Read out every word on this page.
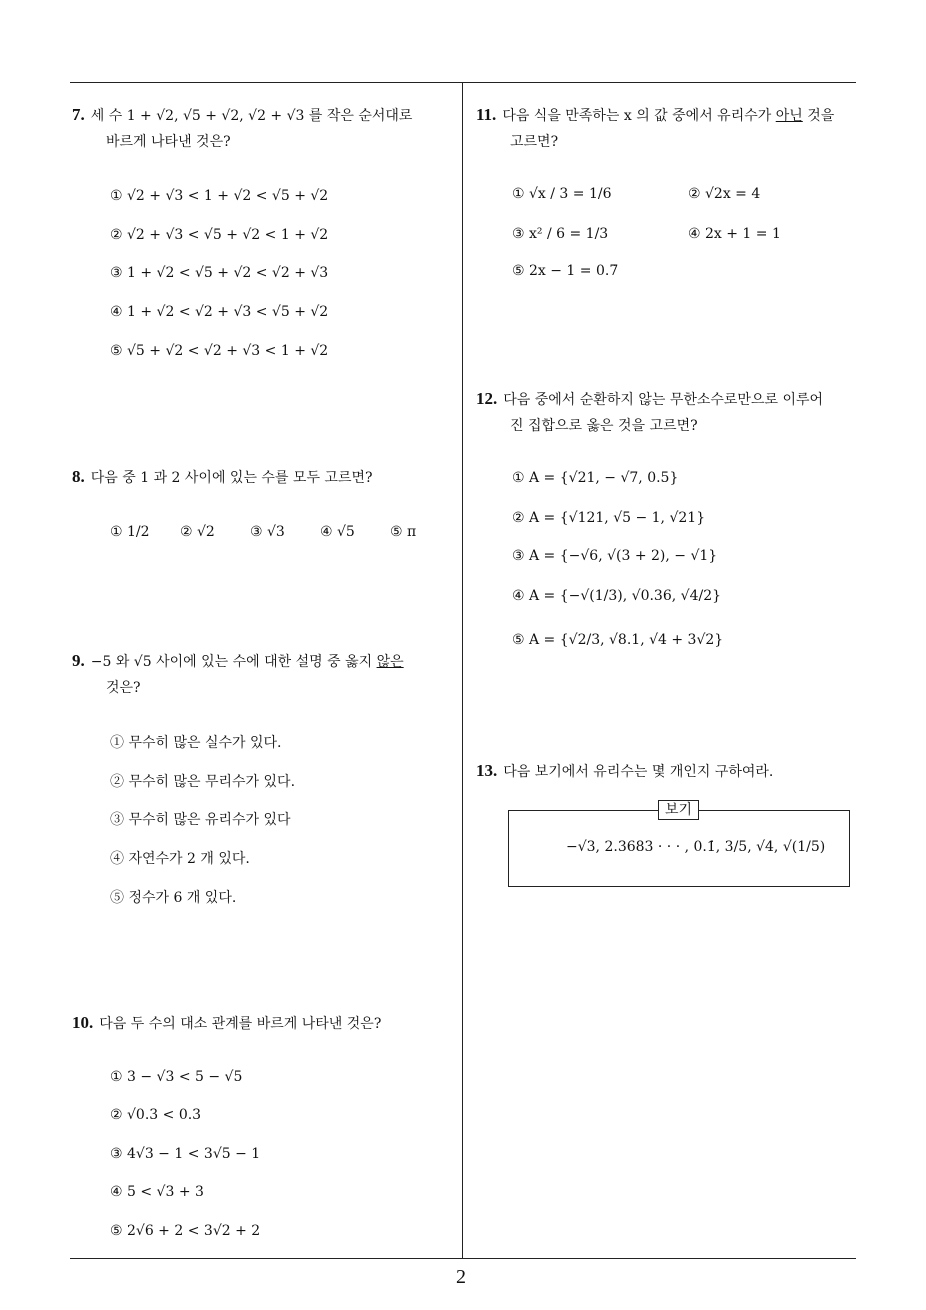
7. 세 수 1 + √2, √5 + √2, √2 + √3 를 작은 순서대로
바르게 나타낸 것은?
① √2 + √3 < 1 + √2 < √5 + √2
② √2 + √3 < √5 + √2 < 1 + √2
③ 1 + √2 < √5 + √2 < √2 + √3
④ 1 + √2 < √2 + √3 < √5 + √2
⑤ √5 + √2 < √2 + √3 < 1 + √2
8. 다음 중 1 과 2 사이에 있는 수를 모두 고르면?
① 1/2 ② √2	③ √3	④ √5	⑤ π
9. −5 와 √5 사이에 있는 수에 대한 설명 중 옳지 않은
것은?
① 무수히 많은 실수가 있다.
② 무수히 많은 무리수가 있다.
③ 무수히 많은 유리수가 있다
④ 자연수가 2 개 있다.
⑤ 정수가 6 개 있다.
10. 다음 두 수의 대소 관계를 바르게 나타낸 것은?
① 3 − √3 < 5 − √5
② √0.3 < 0.3
③ 4√3 − 1 < 3√5 − 1
④ 5 < √3 + 3
⑤ 2√6 + 2 < 3√2 + 2
11. 다음 식을 만족하는 x 의 값 중에서 유리수가 아닌 것을
고르면?
① √x / 3 = 1/6	② √2x = 4
③ x² / 6 = 1/3	④ 2x + 1 = 1
⑤ 2x − 1 = 0.7̇
12. 다음 중에서 순환하지 않는 무한소수로만으로 이루어
진 집합으로 옳은 것을 고르면?
① A = {√21, − √7, 0.5}
② A = {√121, √5 − 1, √21}
③ A = {−√6, √(3 + 2), − √1}
④ A = {−√(1/3), √0.36, √4/2}
⑤ A = {√2/3, √8.1, √4 + 3√2}
13. 다음 보기에서 유리수는 몇 개인지 구하여라.
보기
−√3, 2.3683 · · · , 0.1̇, 3/5, √4, √(1/5)
2
